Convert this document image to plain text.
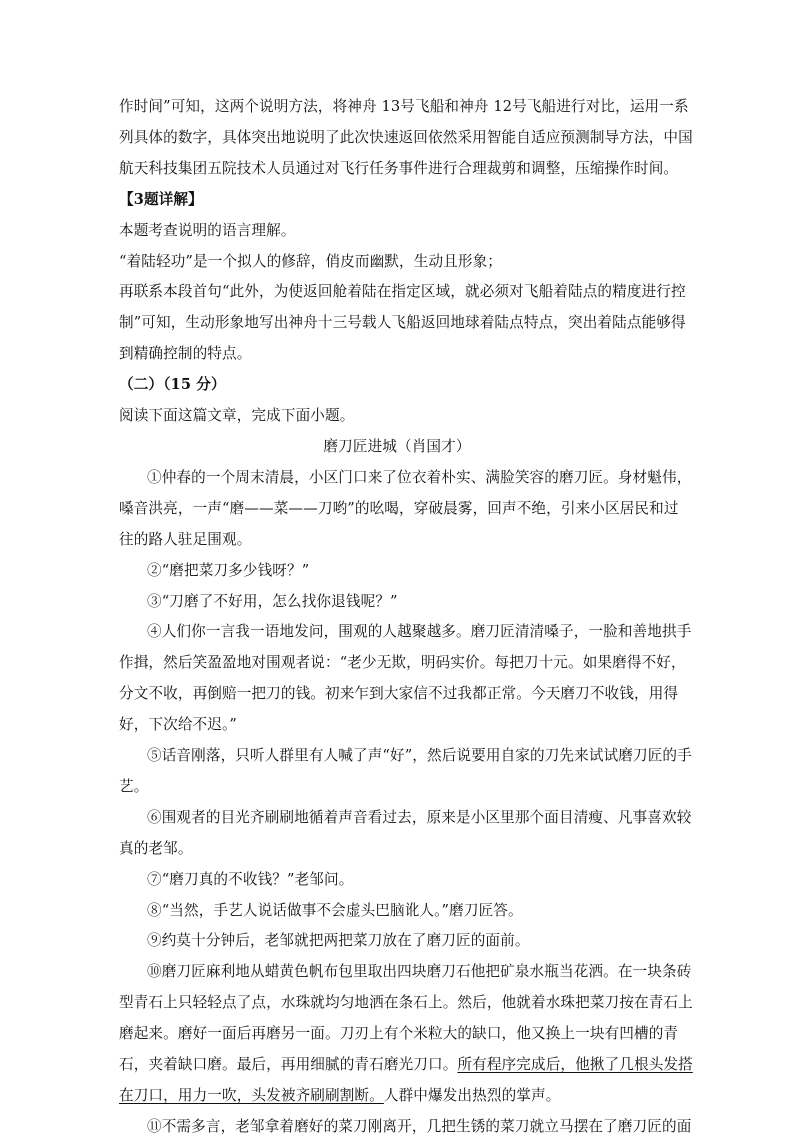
作时间”可知，这两个说明方法，将神舟 13号飞船和神舟 12号飞船进行对比，运用一系
列具体的数字，具体突出地说明了此次快速返回依然采用智能自适应预测制导方法，中国
航天科技集团五院技术人员通过对飞行任务事件进行合理裁剪和调整，压缩操作时间。
【3题详解】
本题考查说明的语言理解。
“着陆轻功”是一个拟人的修辞，俏皮而幽默，生动且形象；
再联系本段首句“此外，为使返回舱着陆在指定区域，就必须对飞船着陆点的精度进行控
制”可知，生动形象地写出神舟十三号载人飞船返回地球着陆点特点，突出着陆点能够得
到精确控制的特点。
（二）（15 分）
阅读下面这篇文章，完成下面小题。
磨刀匠进城（肖国才）
①仲春的一个周末清晨，小区门口来了位衣着朴实、满脸笑容的磨刀匠。身材魁伟，
嗓音洪亮，一声“磨——菜——刀哟”的吆喝，穿破晨雾，回声不绝，引来小区居民和过
往的路人驻足围观。
②“磨把菜刀多少钱呀？”
③“刀磨了不好用，怎么找你退钱呢？”
④人们你一言我一语地发问，围观的人越聚越多。磨刀匠清清嗓子，一脸和善地拱手
作揖，然后笑盈盈地对围观者说：“老少无欺，明码实价。每把刀十元。如果磨得不好，
分文不收，再倒赔一把刀的钱。初来乍到大家信不过我都正常。今天磨刀不收钱，用得
好，下次给不迟。”
⑤话音刚落，只听人群里有人喊了声“好”，然后说要用自家的刀先来试试磨刀匠的手
艺。
⑥围观者的目光齐刷刷地循着声音看过去，原来是小区里那个面目清瘦、凡事喜欢较
真的老邹。
⑦“磨刀真的不收钱？”老邹问。
⑧“当然，手艺人说话做事不会虚头巴脑讹人。”磨刀匠答。
⑨约莫十分钟后，老邹就把两把菜刀放在了磨刀匠的面前。
⑩磨刀匠麻利地从蜡黄色帆布包里取出四块磨刀石他把矿泉水瓶当花洒。在一块条砖
型青石上只轻轻点了点，水珠就均匀地洒在条石上。然后，他就着水珠把菜刀按在青石上
磨起来。磨好一面后再磨另一面。刀刃上有个米粒大的缺口，他又换上一块有凹槽的青
石，夹着缺口磨。最后，再用细腻的青石磨光刀口。所有程序完成后，他揪了几根头发搭
在刀口，用力一吹，头发被齐刷刷割断。人群中爆发出热烈的掌声。
⑪不需多言，老邹拿着磨好的菜刀刚离开，几把生锈的菜刀就立马摆在了磨刀匠的面
